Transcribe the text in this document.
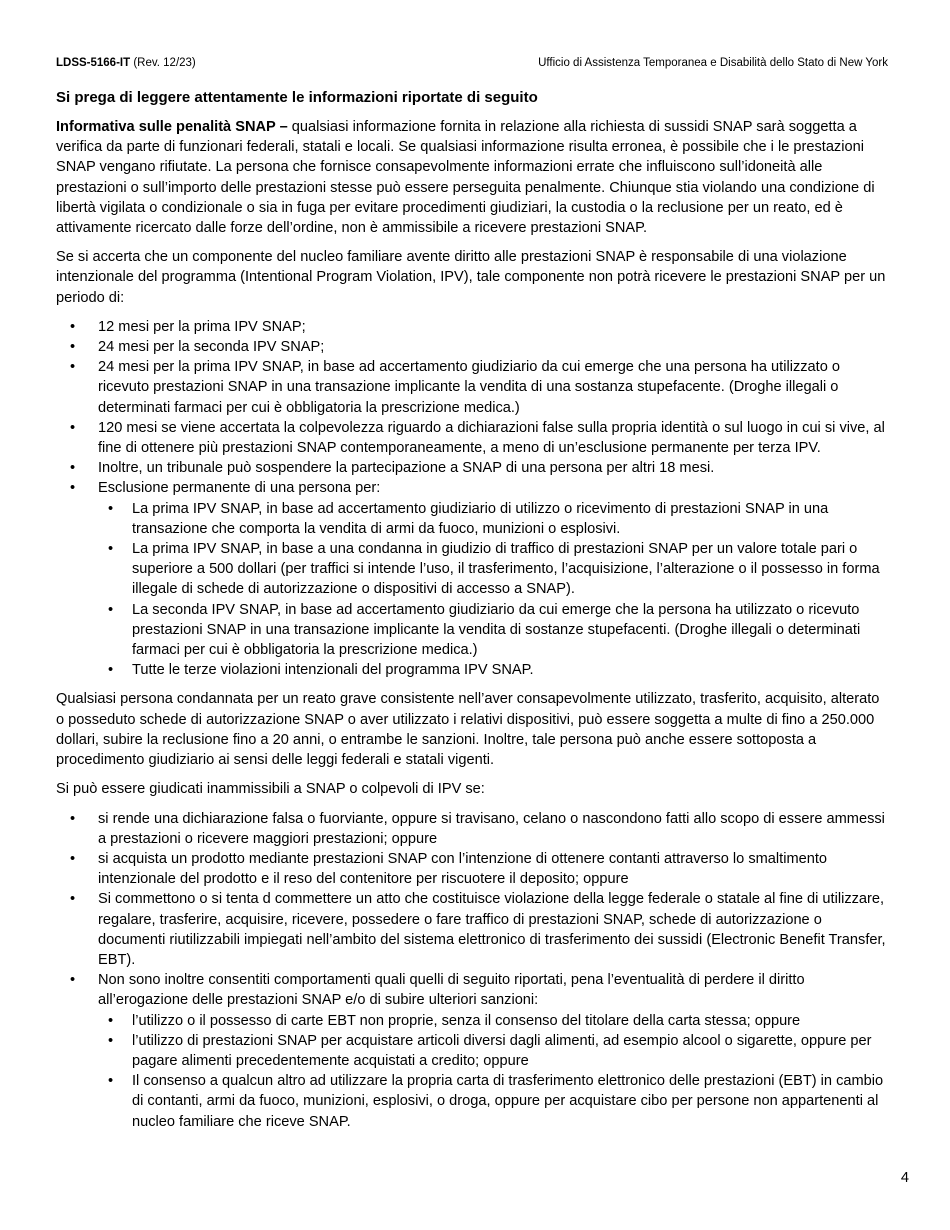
LDSS-5166-IT (Rev. 12/23)	Ufficio di Assistenza Temporanea e Disabilità dello Stato di New York
Si prega di leggere attentamente le informazioni riportate di seguito

Informativa sulle penalità SNAP – qualsiasi informazione fornita in relazione alla richiesta di sussidi SNAP sarà soggetta a verifica da parte di funzionari federali, statali e locali. Se qualsiasi informazione risulta erronea, è possibile che i le prestazioni SNAP vengano rifiutate. La persona che fornisce consapevolmente informazioni errate che influiscono sull’idoneità alle prestazioni o sull’importo delle prestazioni stesse può essere perseguita penalmente. Chiunque stia violando una condizione di libertà vigilata o condizionale o sia in fuga per evitare procedimenti giudiziari, la custodia o la reclusione per un reato, ed è attivamente ricercato dalle forze dell’ordine, non è ammissibile a ricevere prestazioni SNAP.

Se si accerta che un componente del nucleo familiare avente diritto alle prestazioni SNAP è responsabile di una violazione intenzionale del programma (Intentional Program Violation, IPV), tale componente non potrà ricevere le prestazioni SNAP per un periodo di:

• 12 mesi per la prima IPV SNAP;
• 24 mesi per la seconda IPV SNAP;
• 24 mesi per la prima IPV SNAP, in base ad accertamento giudiziario da cui emerge che una persona ha utilizzato o ricevuto prestazioni SNAP in una transazione implicante la vendita di una sostanza stupefacente. (Droghe illegali o determinati farmaci per cui è obbligatoria la prescrizione medica.)
• 120 mesi se viene accertata la colpevolezza riguardo a dichiarazioni false sulla propria identità o sul luogo in cui si vive, al fine di ottenere più prestazioni SNAP contemporaneamente, a meno di un’esclusione permanente per terza IPV.
• Inoltre, un tribunale può sospendere la partecipazione a SNAP di una persona per altri 18 mesi.
• Esclusione permanente di una persona per:
• La prima IPV SNAP, in base ad accertamento giudiziario di utilizzo o ricevimento di prestazioni SNAP in una transazione che comporta la vendita di armi da fuoco, munizioni o esplosivi.
• La prima IPV SNAP, in base a una condanna in giudizio di traffico di prestazioni SNAP per un valore totale pari o superiore a 500 dollari (per traffici si intende l’uso, il trasferimento, l’acquisizione, l’alterazione o il possesso in forma illegale di schede di autorizzazione o dispositivi di accesso a SNAP).
• La seconda IPV SNAP, in base ad accertamento giudiziario da cui emerge che la persona ha utilizzato o ricevuto prestazioni SNAP in una transazione implicante la vendita di sostanze stupefacenti. (Droghe illegali o determinati farmaci per cui è obbligatoria la prescrizione medica.)
• Tutte le terze violazioni intenzionali del programma IPV SNAP.

Qualsiasi persona condannata per un reato grave consistente nell’aver consapevolmente utilizzato, trasferito, acquisito, alterato o posseduto schede di autorizzazione SNAP o aver utilizzato i relativi dispositivi, può essere soggetta a multe di fino a 250.000 dollari, subire la reclusione fino a 20 anni, o entrambe le sanzioni. Inoltre, tale persona può anche essere sottoposta a procedimento giudiziario ai sensi delle leggi federali e statali vigenti.

Si può essere giudicati inammissibili a SNAP o colpevoli di IPV se:

• si rende una dichiarazione falsa o fuorviante, oppure si travisano, celano o nascondono fatti allo scopo di essere ammessi a prestazioni o ricevere maggiori prestazioni; oppure
• si acquista un prodotto mediante prestazioni SNAP con l’intenzione di ottenere contanti attraverso lo smaltimento intenzionale del prodotto e il reso del contenitore per riscuotere il deposito; oppure
• Si commettono o si tenta d commettere un atto che costituisce violazione della legge federale o statale al fine di utilizzare, regalare, trasferire, acquisire, ricevere, possedere o fare traffico di prestazioni SNAP, schede di autorizzazione o documenti riutilizzabili impiegati nell’ambito del sistema elettronico di trasferimento dei sussidi (Electronic Benefit Transfer, EBT).
• Non sono inoltre consentiti comportamenti quali quelli di seguito riportati, pena l’eventualità di perdere il diritto all’erogazione delle prestazioni SNAP e/o di subire ulteriori sanzioni:
• l’utilizzo o il possesso di carte EBT non proprie, senza il consenso del titolare della carta stessa; oppure
• l’utilizzo di prestazioni SNAP per acquistare articoli diversi dagli alimenti, ad esempio alcool o sigarette, oppure per pagare alimenti precedentemente acquistati a credito; oppure
• Il consenso a qualcun altro ad utilizzare la propria carta di trasferimento elettronico delle prestazioni (EBT) in cambio di contanti, armi da fuoco, munizioni, esplosivi, o droga, oppure per acquistare cibo per persone non appartenenti al nucleo familiare che riceve SNAP.
4
